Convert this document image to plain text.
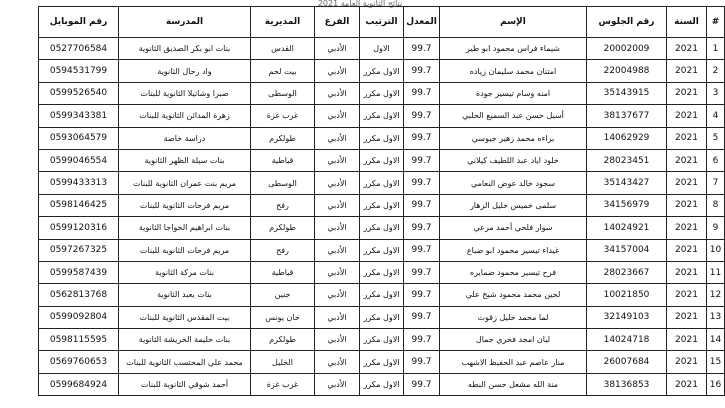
نتائج الثانوية العامة 2021
#	السنة	رقم الجلوس	الإسم	المعدل	الترتيب	الفرع	المديرية	المدرسة	رقم الموبايل
1	2021	20002009	شيماء فراس محمود ابو طير	99.7	الاول	الأدبي	القدس	بنات ابو بكر الصديق الثانوية	0527706584
2	2021	22004988	امتنان محمد سليمان زياده	99.7	الاول مكرر	الأدبي	بيت لحم	واد رحال الثانوية	0594531799
3	2021	35143915	امنه وسام تيسير جودة	99.7	الاول مكرر	الأدبي	الوسطى	صبرا وشاتيلا الثانوية للبنات	0599526540
4	2021	38137677	أسيل حسن عبد السميع الحلبي	99.7	الاول مكرر	الأدبي	غرب غزة	زهرة المدائن الثانوية للبنات	0599343381
5	2021	14062929	براءه محمد زهير جيوسي	99.7	الاول مكرر	الأدبي	طولكرم	دراسة خاصة	0593064579
6	2021	28023451	خلود اياد عبد اللطيف كيلاني	99.7	الاول مكرر	الأدبي	قباطية	بنات سيلة الظهر الثانوية	0599046554
7	2021	35143427	سجود خالد عوض النعامي	99.7	الاول مكرر	الأدبي	الوسطى	مريم بنت عمران الثانوية للبنات	0599433313
8	2021	34156979	سلمى خميس خليل الزهار	99.7	الاول مكرر	الأدبي	رفح	مريم فرحات الثانوية للبنات	0598146425
9	2021	14024921	سوار فلحي أحمد مرعي	99.7	الاول مكرر	الأدبي	طولكرم	بنات ابراهيم الخواجا الثانوية	0599120316
10	2021	34157004	غيداء تيسير محمود ابو ضباع	99.7	الاول مكرر	الأدبي	رفح	مريم فرحات الثانوية للبنات	0597267325
11	2021	28023667	فرح تيسير محمود ضمايره	99.7	الاول مكرر	الأدبي	قباطية	بنات مركة الثانوية	0599587439
12	2021	10021850	لجين محمد محمود شيخ علي	99.7	الاول مكرر	الأدبي	جنين	بنات يعبد الثانوية	0562813768
13	2021	32149103	لما محمد خليل زقوت	99.7	الاول مكرر	الأدبي	خان يونس	بيت المقدس الثانوية للبنات	0599092804
14	2021	14024718	ليان امجد فخري جمال	99.7	الاول مكرر	الأدبي	طولكرم	بنات حليمة الخريشة الثانوية	0598115595
15	2021	26007684	منار عاصم عبد الحفيظ الاشهب	99.7	الاول مكرر	الأدبي	الخليل	محمد علي المحتسب الثانوية للبنات	0569760653
16	2021	38136853	منة الله مشعل حسن البطه	99.7	الاول مكرر	الأدبي	غرب غزة	أحمد شوقي الثانوية للبنات	0599684924
